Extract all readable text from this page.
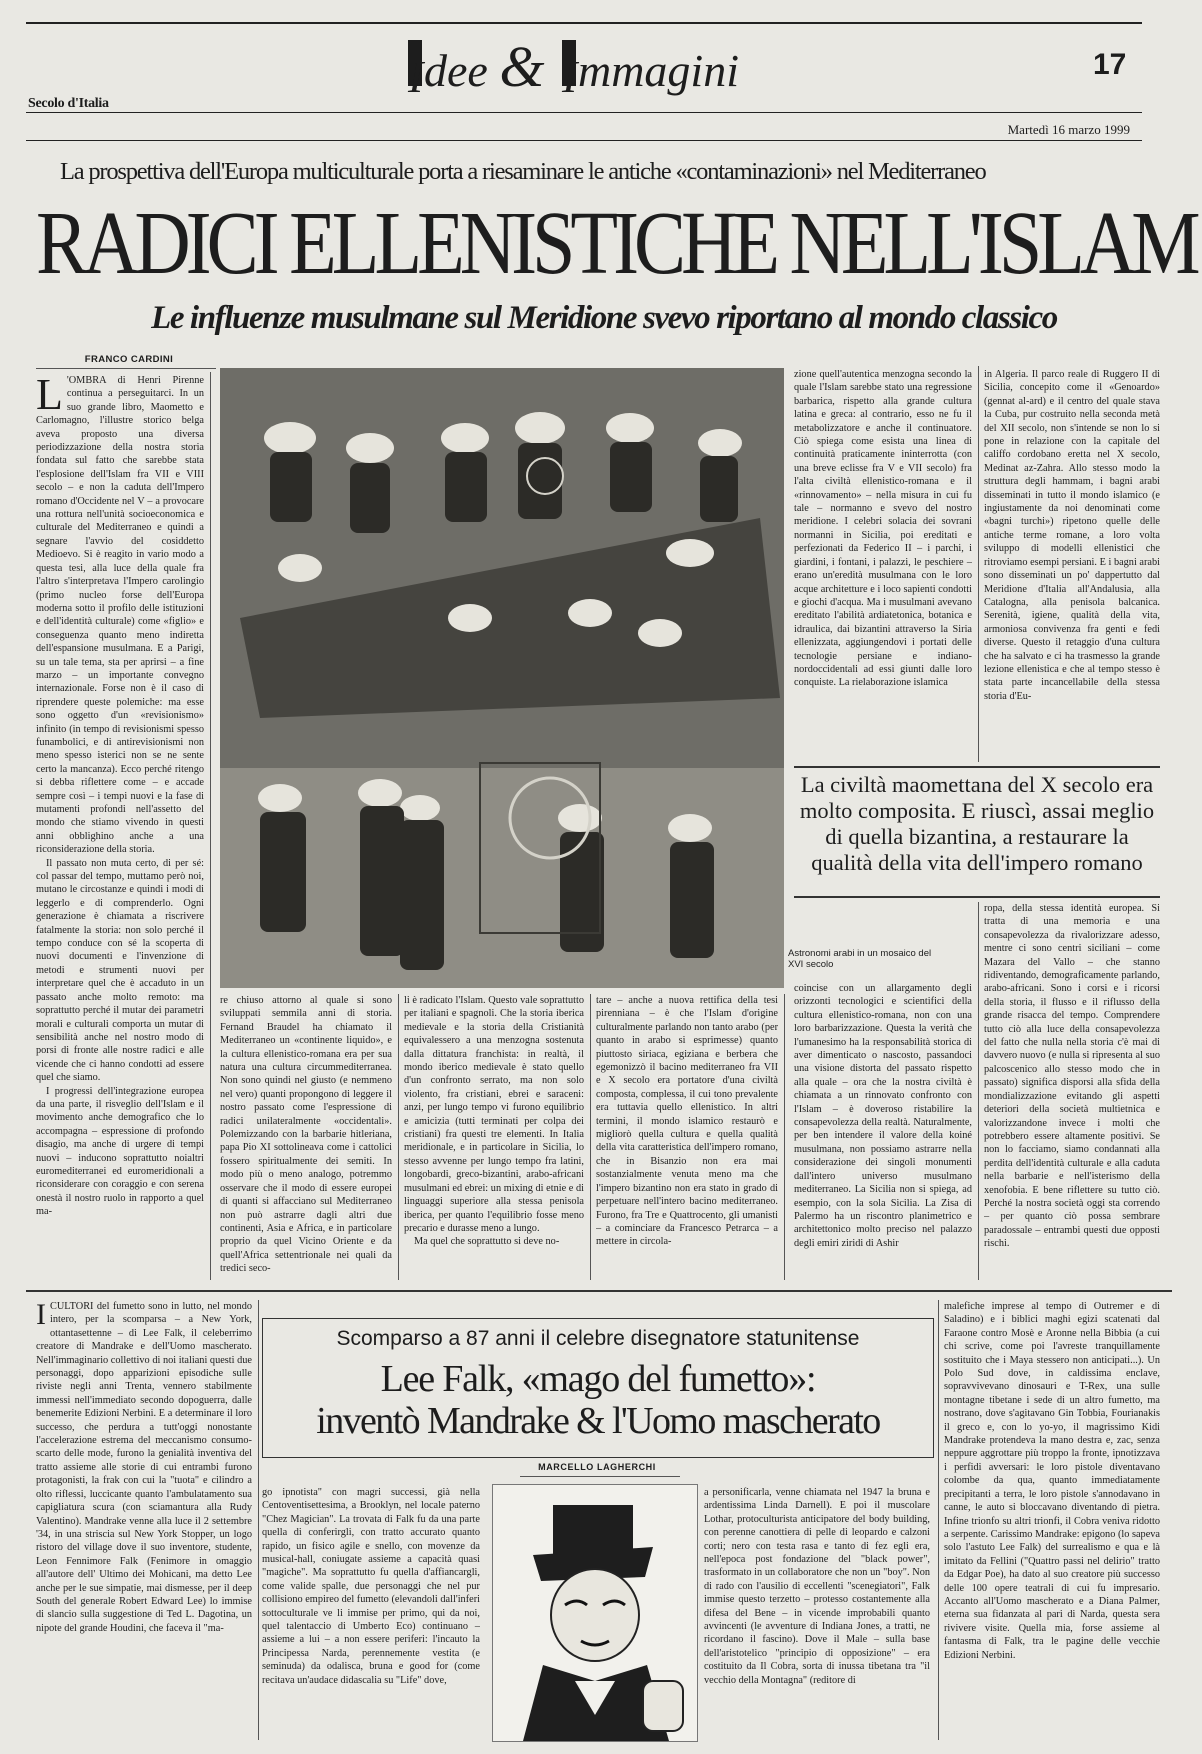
Idee & Immagini	17
Secolo d'Italia
Martedì 16 marzo 1999
La prospettiva dell'Europa multiculturale porta a riesaminare le antiche «contaminazioni» nel Mediterraneo
RADICI ELLENISTICHE NELL'ISLAM
Le influenze musulmane sul Meridione svevo riportano al mondo classico
FRANCO CARDINI

L 'OMBRA di Henri Pirenne continua a perseguitarci. In un suo grande libro, Maometto e Carlomagno, l'illustre storico belga aveva proposto una diversa periodizzazione della nostra storia fondata sul fatto che sarebbe stata l'esplosione dell'Islam fra VII e VIII secolo – e non la caduta dell'Impero romano d'Occidente nel V – a provocare una rottura nell'unità socioeconomica e culturale del Mediterraneo e quindi a segnare l'avvio del cosiddetto Medioevo. Si è reagito in vario modo a questa tesi, alla luce della quale fra l'altro s'interpretava l'Impero carolingio (primo nucleo forse dell'Europa moderna sotto il profilo delle istituzioni e dell'identità culturale) come «figlio» e conseguenza quanto meno indiretta dell'espansione musulmana. E a Parigi, su un tale tema, sta per aprirsi – a fine marzo – un importante convegno internazionale. Forse non è il caso di riprendere queste polemiche: ma esse sono oggetto d'un «revisionismo» infinito (in tempo di revisionismi spesso funambolici, e di antirevisionismi non meno spesso isterici non se ne sente certo la mancanza). Ecco perché ritengo si debba riflettere come – e accade sempre così – i tempi nuovi e la fase di mutamenti profondi nell'assetto del mondo che stiamo vivendo in questi anni obblighino anche a una riconsiderazione della storia.

Il passato non muta certo, di per sé: col passar del tempo, muttamo però noi, mutano le circostanze e quindi i modi di leggerlo e di comprenderlo. Ogni generazione è chiamata a riscrivere fatalmente la storia: non solo perché il tempo conduce con sé la scoperta di nuovi documenti e l'invenzione di metodi e strumenti nuovi per interpretare quel che è accaduto in un passato anche molto remoto: ma soprattutto perché il mutar dei parametri morali e culturali comporta un mutar di sensibilità anche nel nostro modo di porsi di fronte alle nostre radici e alle vicende che ci hanno condotti ad essere quel che siamo.

I progressi dell'integrazione europea da una parte, il risveglio dell'Islam e il movimento anche demografico che lo accompagna – espressione di profondo disagio, ma anche di urgere di tempi nuovi – inducono soprattutto noialtri euromediterranei ed euromeridionali a riconsiderare con coraggio e con serena onestà il nostro ruolo in rapporto a quel ma-

Astronomi arabi in un mosaico del XVI secolo

zione quell'autentica menzogna secondo la quale l'Islam sarebbe stato una regressione barbarica, rispetto alla grande cultura latina e greca: al contrario, esso ne fu il metabolizzatore e anche il continuatore. Ciò spiega come esista una linea di continuità praticamente ininterrotta (con una breve eclisse fra V e VII secolo) fra l'alta civiltà ellenistico-romana e il «rinnovamento» – nella misura in cui fu tale – normanno e svevo del nostro meridione. I celebri solacia dei sovrani normanni in Sicilia, poi ereditati e perfezionati da Federico II – i parchi, i giardini, i fontani, i palazzi, le peschiere – erano un'eredità musulmana con le loro acque architetture e i loco sapienti condotti e giochi d'acqua. Ma i musulmani avevano ereditato l'abilità ardiatetonica, botanica e idraulica, dai bizantini attraverso la Siria ellenizzata, aggiungendovi i portati delle tecnologie persiane e indiano-nordoccidentali ad essi giunti dalle loro conquiste. La rielaborazione islamica

in Algeria. Il parco reale di Ruggero II di Sicilia, concepito come il «Genoardo» (gennat al-ard) e il centro del quale stava la Cuba, pur costruito nella seconda metà del XII secolo, non s'intende se non lo si pone in relazione con la capitale del califfo cordobano eretta nel X secolo, Medinat az-Zahra. Allo stesso modo la struttura degli hammam, i bagni arabi disseminati in tutto il mondo islamico (e ingiustamente da noi denominati come «bagni turchi») ripetono quelle delle antiche terme romane, a loro volta sviluppo di modelli ellenistici che ritroviamo esempi persiani. E i bagni arabi sono disseminati un po' dappertutto dal Meridione d'Italia all'Andalusia, alla Catalogna, alla penisola balcanica. Serenità, igiene, qualità della vita, armoniosa convivenza fra genti e fedi diverse. Questo il retaggio d'una cultura che ha salvato e ci ha trasmesso la grande lezione ellenistica e che al tempo stesso è stata parte incancellabile della stessa storia d'Eu-

La civiltà maomettana del X secolo era molto composita. E riuscì, assai meglio di quella bizantina, a restaurare la qualità della vita dell'impero romano

re chiuso attorno al quale si sono sviluppati semmila anni di storia. Fernand Braudel ha chiamato il Mediterraneo un «continente liquido», e la cultura ellenistico-romana era per sua natura una cultura circummediterranea. Non sono quindi nel giusto (e nemmeno nel vero) quanti propongono di leggere il nostro passato come l'espressione di radici unilateralmente «occidentali». Polemizzando con la barbarie hitleriana, papa Pio XI sottolineava come i cattolici fossero spiritualmente dei semiti. In modo più o meno analogo, potremmo osservare che il modo di essere europei di quanti si affacciano sul Mediterraneo non può astrarre dagli altri due continenti, Asia e Africa, e in particolare proprio da quel Vicino Oriente e da quell'Africa settentrionale nei quali da tredici seco-

li è radicato l'Islam. Questo vale soprattutto per italiani e spagnoli. Che la storia iberica medievale e la storia della Cristianità equivalessero a una menzogna sostenuta dalla dittatura franchista: in realtà, il mondo iberico medievale è stato quello d'un confronto serrato, ma non solo violento, fra cristiani, ebrei e saraceni: anzi, per lungo tempo vi furono equilibrio e amicizia (tutti terminati per colpa dei cristiani) fra questi tre elementi. In Italia meridionale, e in particolare in Sicilia, lo stesso avvenne per lungo tempo fra latini, longobardi, greco-bizantini, arabo-africani musulmani ed ebrei: un mixing di etnie e di linguaggi superiore alla stessa penisola iberica, per quanto l'equilibrio fosse meno precario e durasse meno a lungo.

Ma quel che soprattutto si deve no-

tare – anche a nuova rettifica della tesi pirenniana – è che l'Islam d'origine culturalmente parlando non tanto arabo (per quanto in arabo si esprimesse) quanto piuttosto siriaca, egiziana e berbera che egemonizzò il bacino mediterraneo fra VII e X secolo era portatore d'una civiltà composta, complessa, il cui tono prevalente era tuttavia quello ellenistico. In altri termini, il mondo islamico restaurò e migliorò quella cultura e quella qualità della vita caratteristica dell'impero romano, che in Bisanzio non era mai sostanzialmente venuta meno ma che l'impero bizantino non era stato in grado di perpetuare nell'intero bacino mediterraneo. Furono, fra Tre e Quattrocento, gli umanisti – a cominciare da Francesco Petrarca – a mettere in circola-

coincise con un allargamento degli orizzonti tecnologici e scientifici della cultura ellenistico-romana, non con una loro barbarizzazione. Questa la verità che l'umanesimo ha la responsabilità storica di aver dimenticato o nascosto, passandoci una visione distorta del passato rispetto alla quale – ora che la nostra civiltà è chiamata a un rinnovato confronto con l'Islam – è doveroso ristabilire la consapevolezza della realtà. Naturalmente, per ben intendere il valore della koiné musulmana, non possiamo astrarre nella considerazione dei singoli monumenti dall'intero universo musulmano mediterraneo. La Sicilia non si spiega, ad esempio, con la sola Sicilia. La Zisa di Palermo ha un riscontro planimetrico e architettonico molto preciso nel palazzo degli emiri ziridi di Ashir

ropa, della stessa identità europea. Si tratta di una memoria e una consapevolezza da rivalorizzare adesso, mentre ci sono centri siciliani – come Mazara del Vallo – che stanno ridiventando, demograficamente parlando, arabo-africani. Sono i corsi e i ricorsi della storia, il flusso e il riflusso della grande risacca del tempo. Comprendere tutto ciò alla luce della consapevolezza del fatto che nulla nella storia c'è mai di davvero nuovo (e nulla si ripresenta al suo palcoscenico allo stesso modo che in passato) significa disporsi alla sfida della mondializzazione evitando gli aspetti deteriori della società multietnica e valorizzandone invece i molti che potrebbero essere altamente positivi. Se non lo facciamo, siamo condannati alla perdita dell'identità culturale e alla caduta nella barbarie e nell'isterismo della xenofobia. E bene riflettere su tutto ciò. Perché la nostra società oggi sta correndo – per quanto ciò possa sembrare paradossale – entrambi questi due opposti rischi.

ICULTORI del fumetto sono in lutto, nel mondo intero, per la scomparsa – a New York, ottantasettenne – di Lee Falk, il celeberrimo creatore di Mandrake e dell'Uomo mascherato. Nell'immaginario collettivo di noi italiani questi due personaggi, dopo apparizioni episodiche sulle riviste negli anni Trenta, vennero stabilmente immessi nell'immediato secondo dopoguerra, dalle benemerite Edizioni Nerbini. E a determinare il loro successo, che perdura a tutt'oggi nonostante l'accelerazione estrema del meccanismo consumo-scarto delle mode, furono la genialità inventiva del tratto assieme alle storie di cui entrambi furono protagonisti, la frak con cui la "tuota" e cilindro a olto riflessi, luccicante quanto l'ambulatamento sua capigliatura scura (con sciamantura alla Rudy Valentino). Mandrake venne alla luce il 2 settembre '34, in una striscia sul New York Stopper, un logo ristoro del village dove il suo inventore, studente, Leon Fennimore Falk (Fenimore in omaggio all'autore dell' Ultimo dei Mohicani, ma detto Lee anche per le sue simpatie, mai dismesse, per il deep South del generale Robert Edward Lee) lo immise di slancio sulla suggestione di Ted L. Dagotina, un nipote del grande Houdini, che faceva il "ma-

Scomparso a 87 anni il celebre disegnatore statunitense
Lee Falk, «mago del fumetto»:
inventò Mandrake & l'Uomo mascherato
MARCELLO LAGHERCHI

go ipnotista" con magri successi, già nella Centoventisettesima, a Brooklyn, nel locale paterno "Chez Magician". La trovata di Falk fu da una parte quella di conferirgli, con tratto accurato quanto rapido, un fisico agile e snello, con movenze da musical-hall, coniugate assieme a capacità quasi "magiche". Ma soprattutto fu quella d'affiancargli, come valide spalle, due personaggi che nel pur collisiono empireo del fumetto (elevandoli dall'inferi sottoculturale ve li immise per primo, qui da noi, quel talentaccio di Umberto Eco) continuano – assieme a lui – a non essere periferi: l'incauto la Principessa Narda, perennemente vestita (e seminuda) da odalisca, bruna e good for (come recitava un'audace didascalia su "Life" dove,

a personificarla, venne chiamata nel 1947 la bruna e ardentissima Linda Darnell). E poi il muscolare Lothar, protoculturista anticipatore del body building, con perenne canottiera di pelle di leopardo e calzoni corti; nero con testa rasa e tanto di fez egli era, nell'epoca post fondazione del "black power", trasformato in un collaboratore che non un "boy". Non di rado con l'ausilio di eccellenti "scenegiatori", Falk immise questo terzetto – protesso costantemente alla difesa del Bene – in vicende improbabili quanto avvincenti (le avventure di Indiana Jones, a tratti, ne ricordano il fascino). Dove il Male – sulla base dell'aristotelico "principio di opposizione" – era costituito da Il Cobra, sorta di inussa tibetana tra "il vecchio della Montagna" (reditore di

malefiche imprese al tempo di Outremer e di Saladino) e i biblici maghi egizi scatenati dal Faraone contro Mosè e Aronne nella Bibbia (a cui chi scrive, come poi l'avreste tranquillamente sostituito che i Maya stessero non anticipati...). Un Polo Sud dove, in caldissima enclave, sopravvivevano dinosauri e T-Rex, una sulle montagne tibetane i sede di un altro fumetto, ma nostrano, dove s'agitavano Gin Tobbia, Fourianakis il greco e, con lo yo-yo, il magrissimo Kidi Mandrake protendeva la mano destra e, zac, senza neppure aggrottare più troppo la fronte, ipnotizzava i perfidi avversari: le loro pistole diventavano colombe da qua, quanto immediatamente precipitanti a terra, le loro pistole s'annodavano in canne, le auto si bloccavano diventando di pietra. Infine trionfo su altri trionfi, il Cobra veniva ridotto a serpente. Carissimo Mandrake: epigono (lo sapeva solo l'astuto Lee Falk) del surrealismo e qua e là imitato da Fellini ("Quattro passi nel delirio" tratto da Edgar Poe), ha dato al suo creatore più successo delle 100 opere teatrali di cui fu impresario. Accanto all'Uomo mascherato e a Diana Palmer, eterna sua fidanzata al pari di Narda, questa sera rivivere visite. Quella mia, forse assieme al fantasma di Falk, tra le pagine delle vecchie Edizioni Nerbini.
